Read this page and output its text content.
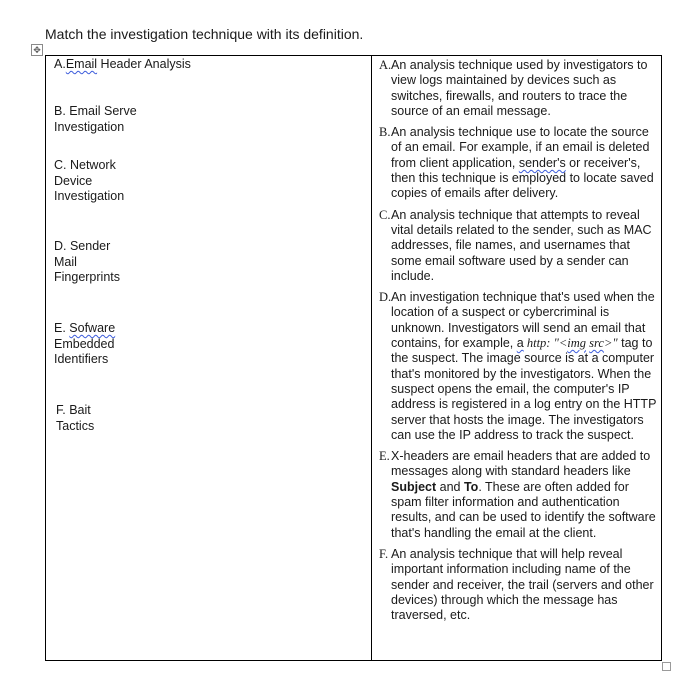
Match the investigation technique with its definition.
✥
A.Email Header Analysis
B. Email Serve
Investigation
C. Network
Device
Investigation
D. Sender
Mail
Fingerprints
E. Sofware
Embedded
Identifiers
F. Bait
Tactics
A. An analysis technique used by investigators to view logs maintained by devices such as switches, firewalls, and routers to trace the source of an email message.
B. An analysis technique use to locate the source of an email. For example, if an email is deleted from client application, sender's or receiver's, then this technique is employed to locate saved copies of emails after delivery.
C. An analysis technique that attempts to reveal vital details related to the sender, such as MAC addresses, file names, and usernames that some email software used by a sender can include.
D. An investigation technique that's used when the location of a suspect or cybercriminal is unknown. Investigators will send an email that contains, for example, a http: "<img src>" tag to the suspect. The image source is at a computer that's monitored by the investigators. When the suspect opens the email, the computer's IP address is registered in a log entry on the HTTP server that hosts the image. The investigators can use the IP address to track the suspect.
E. X-headers are email headers that are added to messages along with standard headers like Subject and To. These are often added for spam filter information and authentication results, and can be used to identify the software that's handling the email at the client.
F. An analysis technique that will help reveal important information including name of the sender and receiver, the trail (servers and other devices) through which the message has traversed, etc.
